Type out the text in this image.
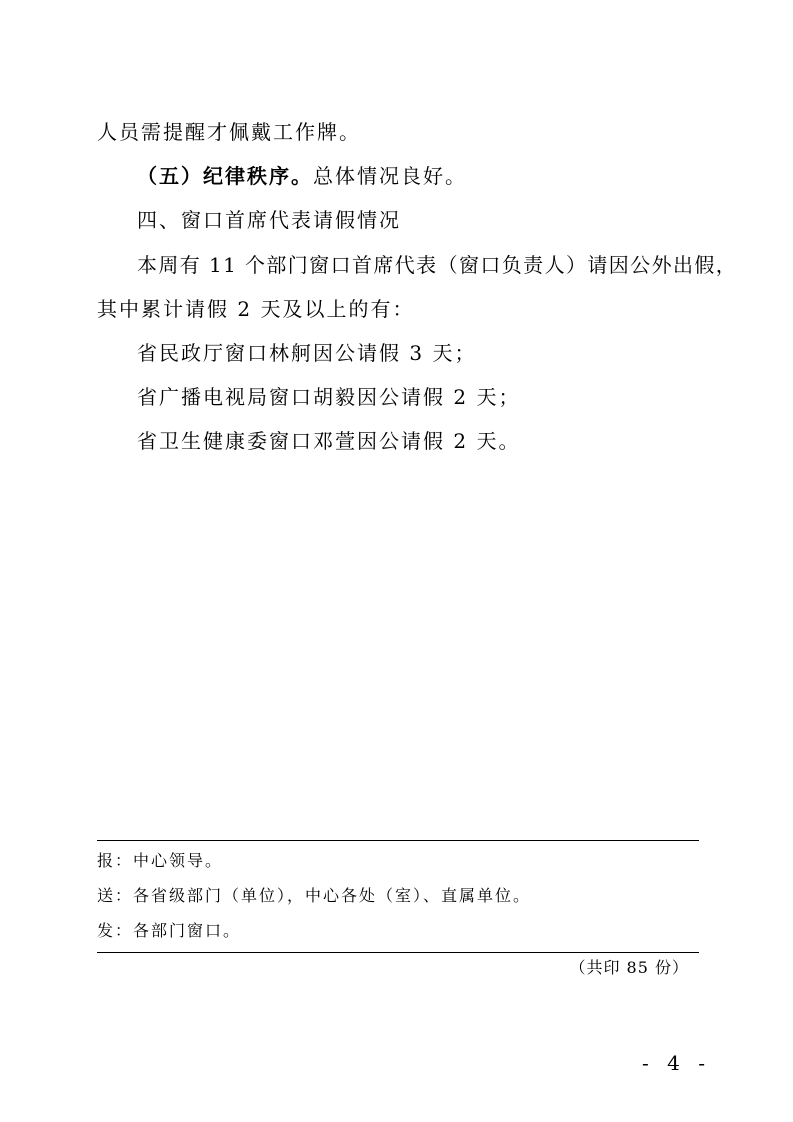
人员需提醒才佩戴工作牌。
（五）纪律秩序。总体情况良好。
四、窗口首席代表请假情况
本周有 11 个部门窗口首席代表（窗口负责人）请因公外出假，
其中累计请假 2 天及以上的有：
省民政厅窗口林舸因公请假 3 天；
省广播电视局窗口胡毅因公请假 2 天；
省卫生健康委窗口邓萱因公请假 2 天。
报：中心领导。
送：各省级部门（单位），中心各处（室）、直属单位。
发：各部门窗口。
（共印 85 份）
- 4 -
